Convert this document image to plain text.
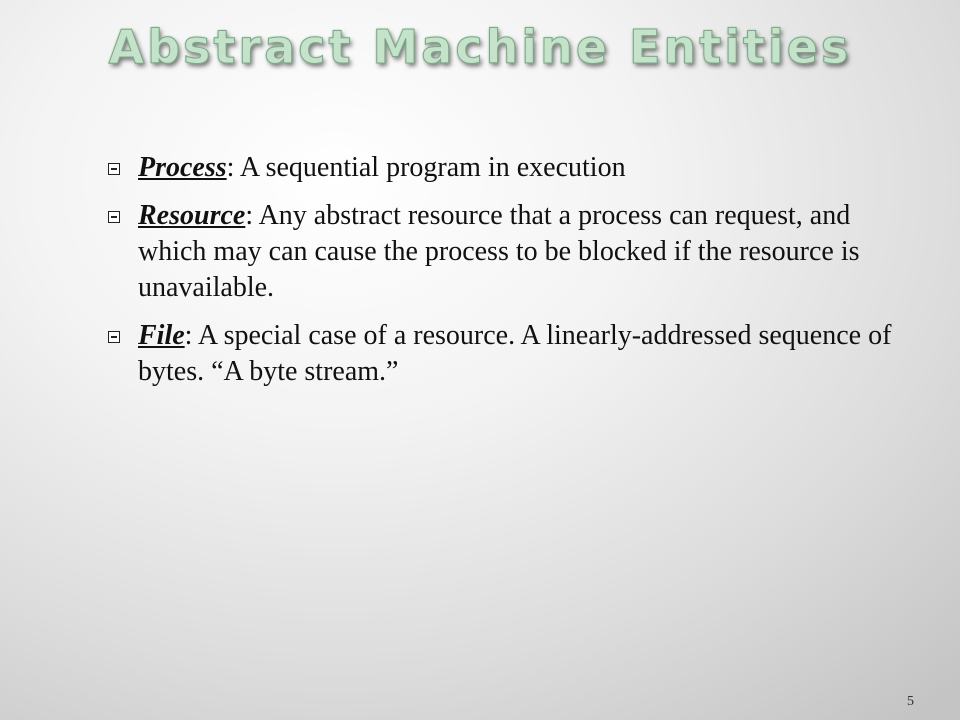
Abstract Machine Entities
Process: A sequential program in execution
Resource: Any abstract resource that a process can request, and which may can cause the process to be blocked if the resource is unavailable.
File: A special case of a resource. A linearly-addressed sequence of bytes. “A byte stream.”
5
